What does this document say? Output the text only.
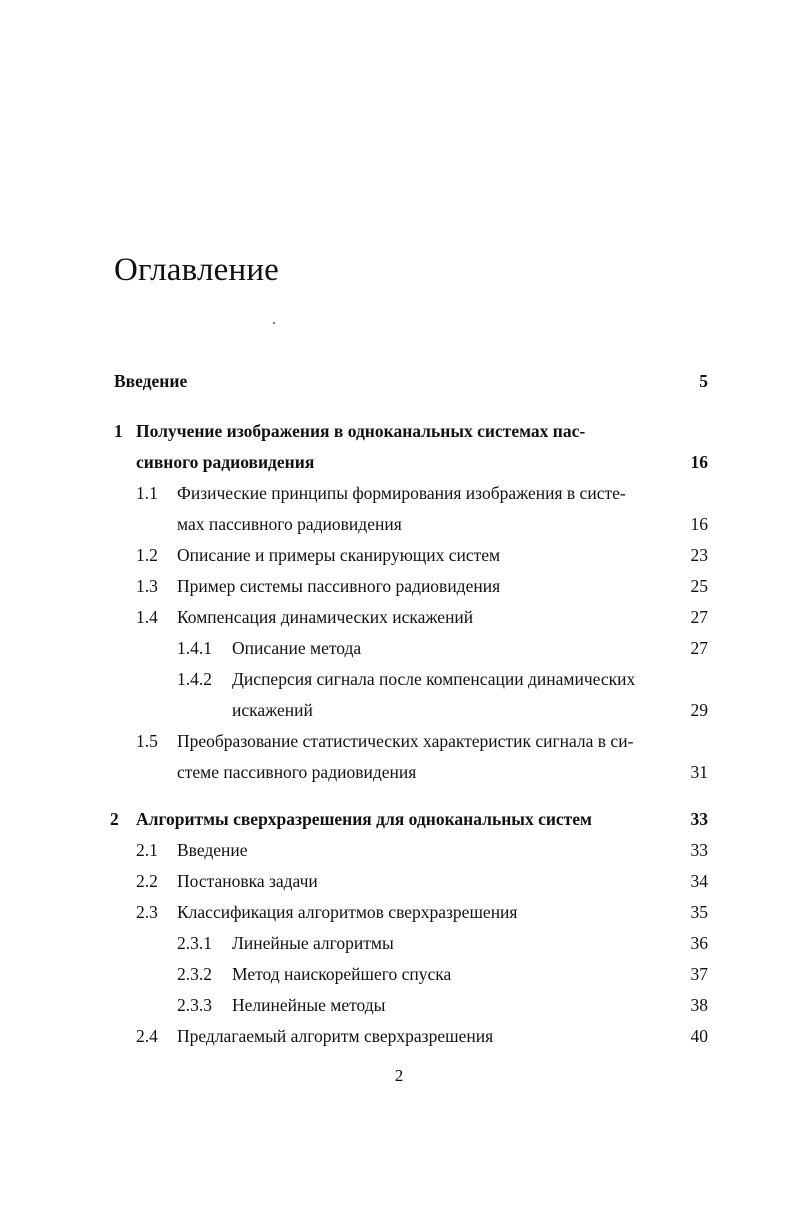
Оглавление
Введение	5
1 Получение изображения в одноканальных системах пас-
сивного радиовидения	16
1.1 Физические принципы формирования изображения в систе-
мах пассивного радиовидения	16
1.2 Описание и примеры сканирующих систем	23
1.3 Пример системы пассивного радиовидения	25
1.4 Компенсация динамических искажений	27
1.4.1 Описание метода	27
1.4.2 Дисперсия сигнала после компенсации динамических
искажений	29
1.5 Преобразование статистических характеристик сигнала в си-
стеме пассивного радиовидения	31
2 Алгоритмы сверхразрешения для одноканальных систем	33
2.1 Введение	33
2.2 Постановка задачи	34
2.3 Классификация алгоритмов сверхразрешения	35
2.3.1 Линейные алгоритмы	36
2.3.2 Метод наискорейшего спуска	37
2.3.3 Нелинейные методы	38
2.4 Предлагаемый алгоритм сверхразрешения	40
2
